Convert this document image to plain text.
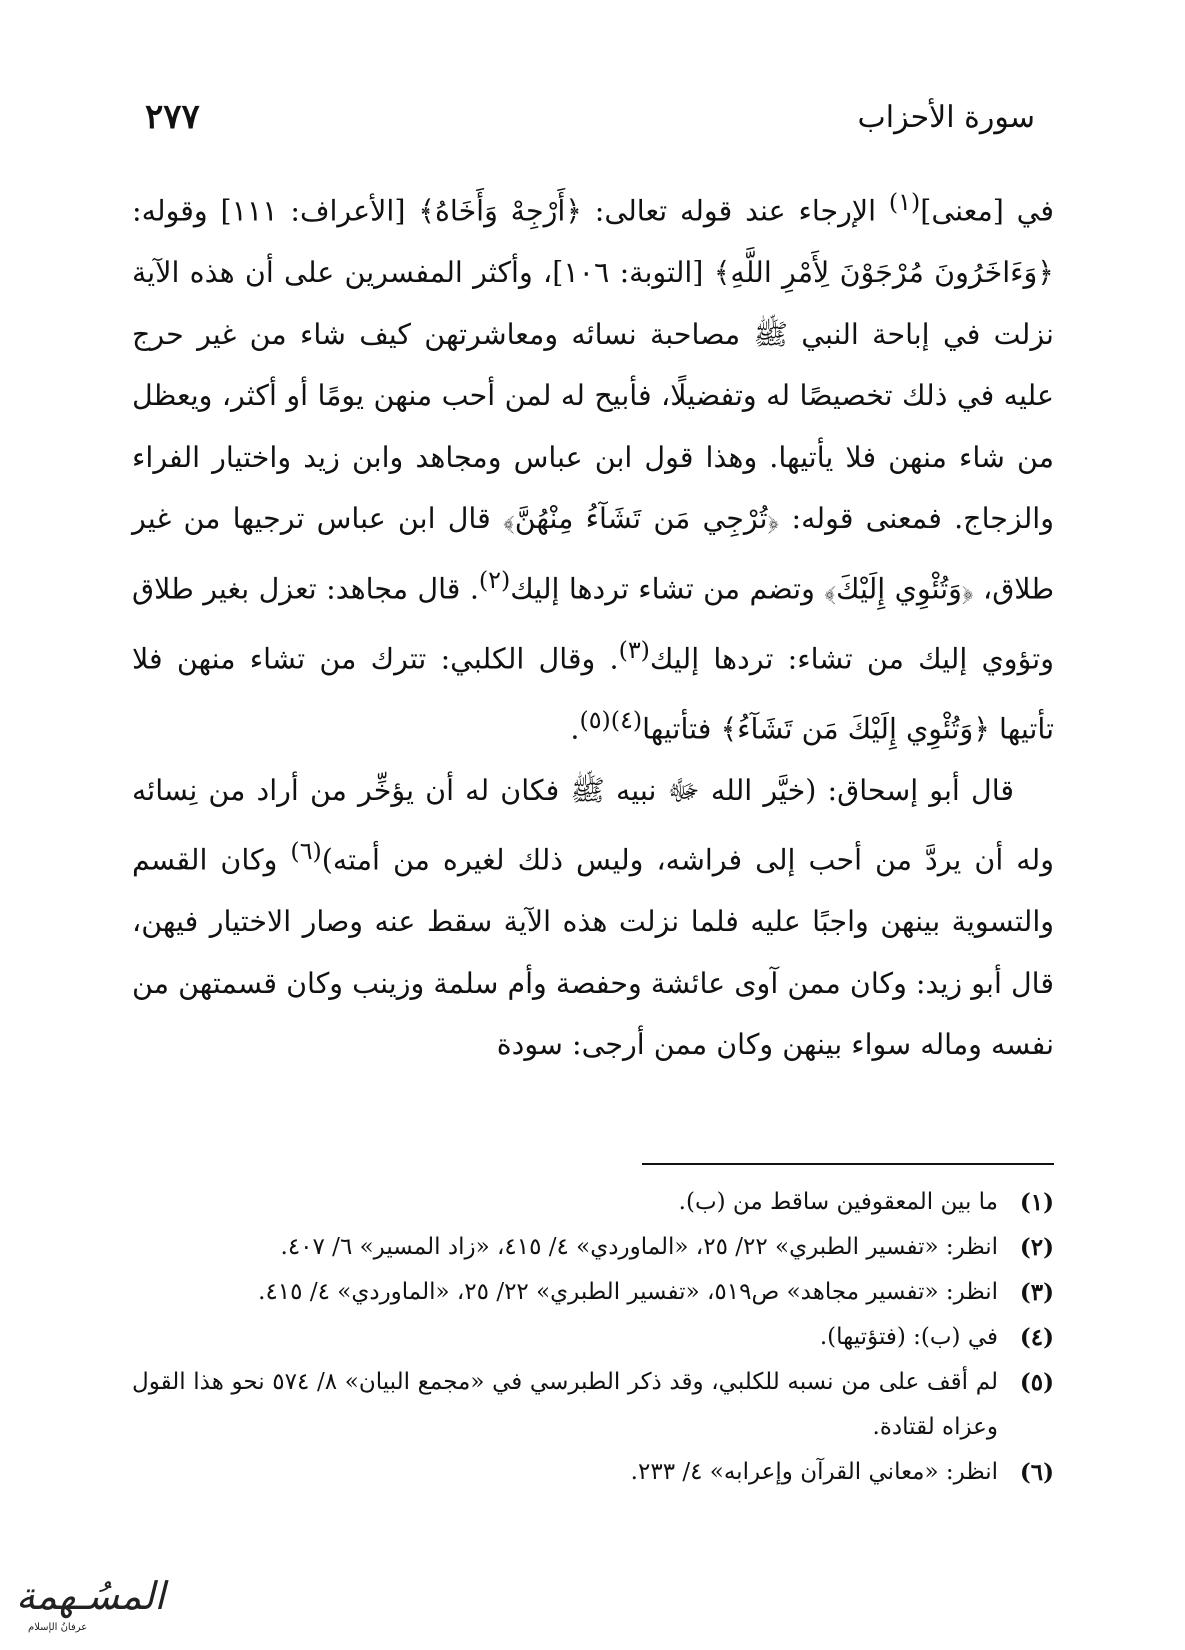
سورة الأحزاب
٢٧٧

في [معنى]$^{(١)}$ الإرجاء عند قوله تعالى: ﴿أَرْجِهْ وَأَخَاهُ﴾ [الأعراف: ١١١] وقوله: ﴿وَءَاخَرُونَ مُرْجَوْنَ لِأَمْرِ اللَّهِ﴾ [التوبة: ١٠٦]، وأكثر المفسرين على أن هذه الآية نزلت في إباحة النبي ﷺ مصاحبة نسائه ومعاشرتهن كيف شاء من غير حرج عليه في ذلك تخصيصًا له وتفضيلًا، فأبيح له لمن أحب منهن يومًا أو أكثر، ويعظل من شاء منهن فلا يأتيها. وهذا قول ابن عباس ومجاهد وابن زيد واختيار الفراء والزجاج. فمعنى قوله: ﴿تُرْجِي مَن تَشَآءُ مِنْهُنَّ﴾ قال ابن عباس ترجيها من غير طلاق، ﴿وَتُئْوِي إِلَيْكَ﴾ وتضم من تشاء تردها إليك$^{(٢)}$. قال مجاهد: تعزل بغير طلاق وتؤوي إليك من تشاء: تردها إليك$^{(٣)}$. وقال الكلبي: تترك من تشاء منهن فلا تأتيها ﴿وَتُئْوِي إِلَيْكَ مَن تَشَآءُ﴾ فتأتيها$^{(٤)(٥)}$.

قال أبو إسحاق: (خيَّر الله ﷻ نبيه ﷺ فكان له أن يؤخِّر من أراد من نِسائه وله أن يردَّ من أحب إلى فراشه، وليس ذلك لغيره من أمته)$^{(٦)}$ وكان القسم والتسوية بينهن واجبًا عليه فلما نزلت هذه الآية سقط عنه وصار الاختيار فيهن، قال أبو زيد: وكان ممن آوى عائشة وحفصة وأم سلمة وزينب وكان قسمتهن من نفسه وماله سواء بينهن وكان ممن أرجى: سودة

(١)
ما بين المعقوفين ساقط من (ب).
(٢)
انظر: «تفسير الطبري» ٢٢/ ٢٥، «الماوردي» ٤/ ٤١٥، «زاد المسير» ٦/ ٤٠٧.
(٣)
انظر: «تفسير مجاهد» ص٥١٩، «تفسير الطبري» ٢٢/ ٢٥، «الماوردي» ٤/ ٤١٥.
(٤)
في (ب): (فتؤتيها).
(٥)
لم أقف على من نسبه للكلبي، وقد ذكر الطبرسي في «مجمع البيان» ٨/ ٥٧٤ نحو هذا القول وعزاه لقتادة.
(٦)
انظر: «معاني القرآن وإعرابه» ٤/ ٢٣٣.
المسُـهمة
عرفانُ الإسلام
